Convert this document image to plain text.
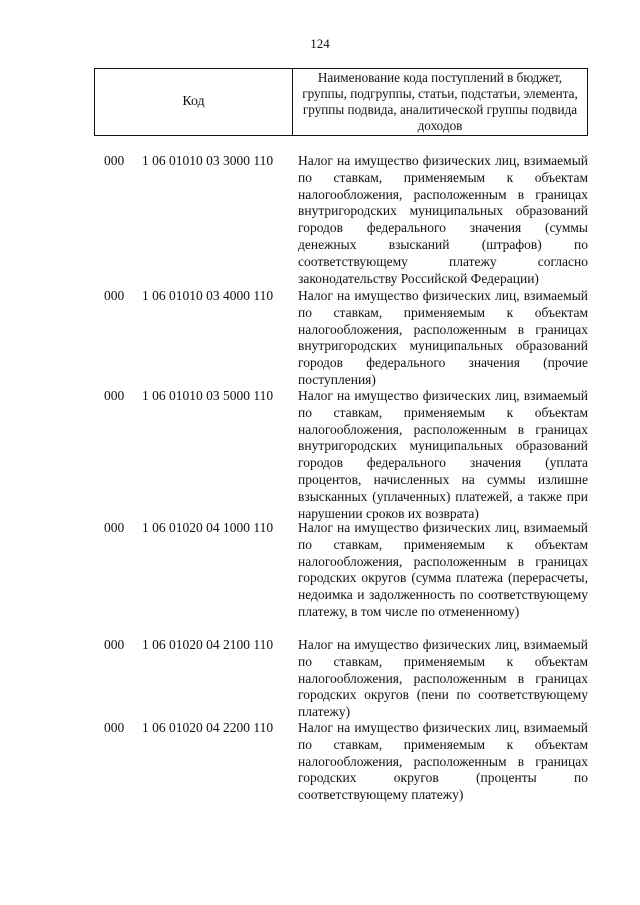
124
Код
Наименование кода поступлений в бюджет, группы, подгруппы, статьи, подстатьи, элемента, группы подвида, аналитической группы подвида доходов
000 1 06 01010 03 3000 110 Налог на имущество физических лиц, взимаемый по ставкам, применяемым к объектам налогообложения, расположенным в границах внутригородских муниципальных образований городов федерального значения (суммы денежных взысканий (штрафов) по соответствующему платежу согласно законодательству Российской Федерации)
000 1 06 01010 03 4000 110 Налог на имущество физических лиц, взимаемый по ставкам, применяемым к объектам налогообложения, расположенным в границах внутригородских муниципальных образований городов федерального значения (прочие поступления)
000 1 06 01010 03 5000 110 Налог на имущество физических лиц, взимаемый по ставкам, применяемым к объектам налогообложения, расположенным в границах внутригородских муниципальных образований городов федерального значения (уплата процентов, начисленных на суммы излишне взысканных (уплаченных) платежей, а также при нарушении сроков их возврата)
000 1 06 01020 04 1000 110 Налог на имущество физических лиц, взимаемый по ставкам, применяемым к объектам налогообложения, расположенным в границах городских округов (сумма платежа (перерасчеты, недоимка и задолженность по соответствующему платежу, в том числе по отмененному)
000 1 06 01020 04 2100 110 Налог на имущество физических лиц, взимаемый по ставкам, применяемым к объектам налогообложения, расположенным в границах городских округов (пени по соответствующему платежу)
000 1 06 01020 04 2200 110 Налог на имущество физических лиц, взимаемый по ставкам, применяемым к объектам налогообложения, расположенным в границах городских округов (проценты по соответствующему платежу)
